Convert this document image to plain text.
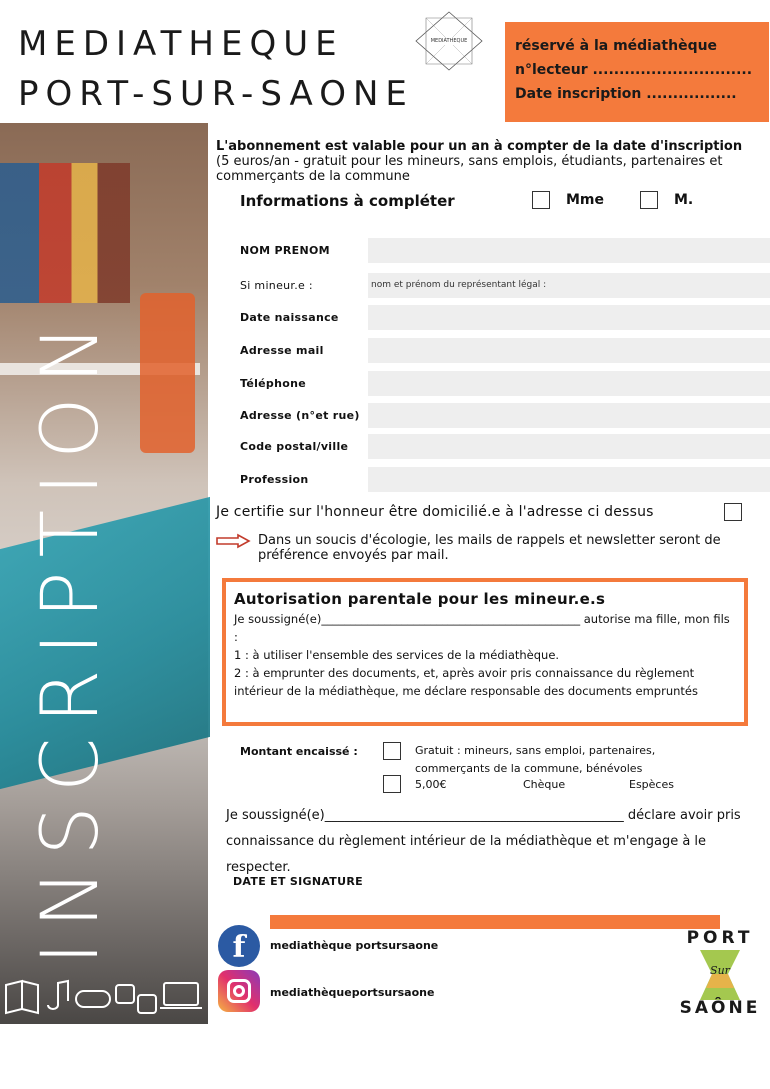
MEDIATHEQUE
PORT-SUR-SAONE
MEDIATHEQUE	réservé à la médiathèque
n°lecteur ..............................
Date inscription .................
INSCRIPTION
17 Rue Gilberte Lavaire
70170 Port-sur-Saône
03.84.78.18.04
L'abonnement est valable pour un an à compter de la date d'inscription (5 euros/an - gratuit pour les mineurs, sans emplois, étudiants, partenaires et commerçants de la commune
Informations à compléter	Mme	M.
NOM PRENOM
Si mineur.e :	nom et prénom du représentant légal :
Date naissance
Adresse mail
Téléphone
Adresse (n°et rue)
Code postal/ville
Profession
Je certifie sur l'honneur être domicilié.e à l'adresse ci dessus
Dans un soucis d'écologie, les mails de rappels et newsletter seront de préférence envoyés par mail.
Autorisation parentale pour les mineur.e.s
Je soussigné(e)_____________________________________________ autorise ma fille, mon fils :
1 : à utiliser l'ensemble des services de la médiathèque.
2 : à emprunter des documents, et, après avoir pris connaissance du règlement intérieur de la médiathèque, me déclare responsable des documents empruntés
Montant encaissé :	Gratuit : mineurs, sans emploi, partenaires,
commerçants de la commune, bénévoles
5,00€	Chèque	Espèces
Je soussigné(e)______________________________________________ déclare avoir pris connaissance du règlement intérieur de la médiathèque et m'engage à le respecter.
DATE ET SIGNATURE
f	mediathèque portsursaone
mediathèqueportsursaone
PORT
Sur
SAÔNE
